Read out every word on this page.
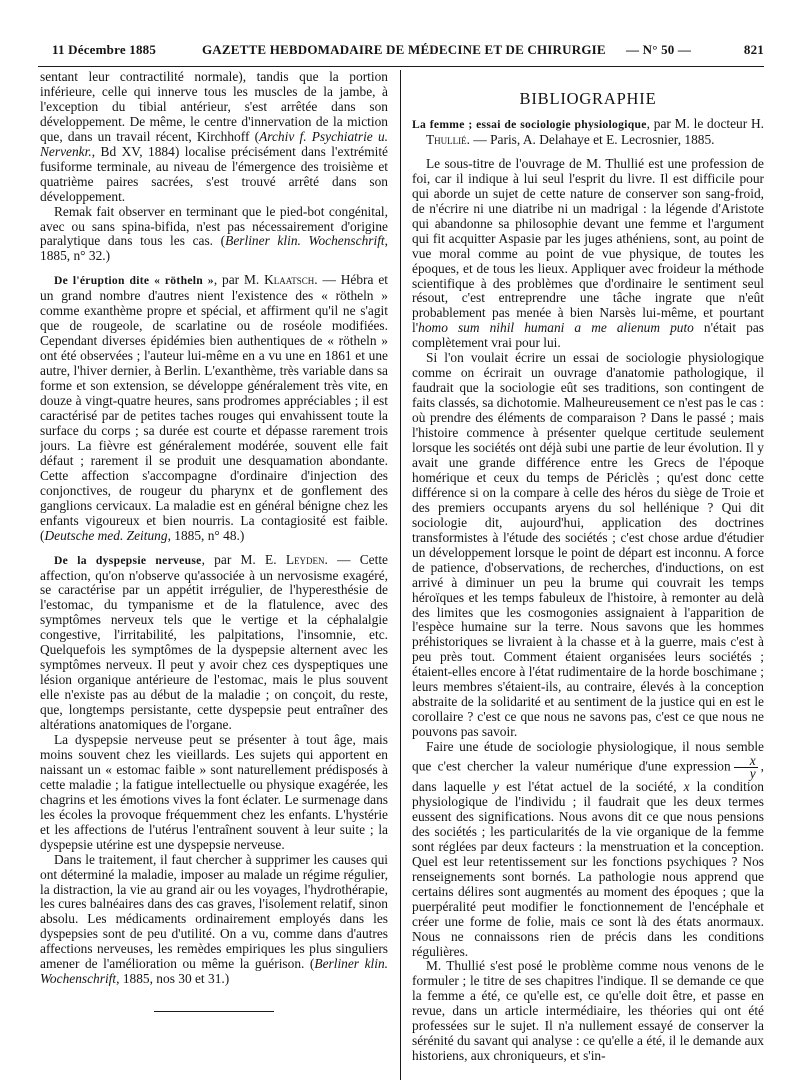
11 Décembre 1885	GAZETTE HEBDOMADAIRE DE MÉDECINE ET DE CHIRURGIE — N° 50 —	821

sentant leur contractilité normale), tandis que la portion inférieure, celle qui innerve tous les muscles de la jambe, à l'exception du tibial antérieur, s'est arrêtée dans son développement. De même, le centre d'innervation de la miction que, dans un travail récent, Kirchhoff (Archiv f. Psychiatrie u. Nervenkr., Bd XV, 1884) localise précisément dans l'extrémité fusiforme terminale, au niveau de l'émergence des troisième et quatrième paires sacrées, s'est trouvé arrêté dans son développement.

Remak fait observer en terminant que le pied-bot congénital, avec ou sans spina-bifida, n'est pas nécessairement d'origine paralytique dans tous les cas. (Berliner klin. Wochenschrift, 1885, n° 32.)

De l'éruption dite « rötheln », par M. Klaatsch. — Hébra et un grand nombre d'autres nient l'existence des « rötheln » comme exanthème propre et spécial, et affirment qu'il ne s'agit que de rougeole, de scarlatine ou de roséole modifiées. Cependant diverses épidémies bien authentiques de « rötheln » ont été observées ; l'auteur lui-même en a vu une en 1861 et une autre, l'hiver dernier, à Berlin. L'exanthème, très variable dans sa forme et son extension, se développe généralement très vite, en douze à vingt-quatre heures, sans prodromes appréciables ; il est caractérisé par de petites taches rouges qui envahissent toute la surface du corps ; sa durée est courte et dépasse rarement trois jours. La fièvre est généralement modérée, souvent elle fait défaut ; rarement il se produit une desquamation abondante. Cette affection s'accompagne d'ordinaire d'injection des conjonctives, de rougeur du pharynx et de gonflement des ganglions cervicaux. La maladie est en général bénigne chez les enfants vigoureux et bien nourris. La contagiosité est faible. (Deutsche med. Zeitung, 1885, n° 48.)

De la dyspepsie nerveuse, par M. E. Leyden. — Cette affection, qu'on n'observe qu'associée à un nervosisme exagéré, se caractérise par un appétit irrégulier, de l'hyperesthésie de l'estomac, du tympanisme et de la flatulence, avec des symptômes nerveux tels que le vertige et la céphalalgie congestive, l'irritabilité, les palpitations, l'insomnie, etc. Quelquefois les symptômes de la dyspepsie alternent avec les symptômes nerveux. Il peut y avoir chez ces dyspeptiques une lésion organique antérieure de l'estomac, mais le plus souvent elle n'existe pas au début de la maladie ; on conçoit, du reste, que, longtemps persistante, cette dyspepsie peut entraîner des altérations anatomiques de l'organe.

La dyspepsie nerveuse peut se présenter à tout âge, mais moins souvent chez les vieillards. Les sujets qui apportent en naissant un « estomac faible » sont naturellement prédisposés à cette maladie ; la fatigue intellectuelle ou physique exagérée, les chagrins et les émotions vives la font éclater. Le surmenage dans les écoles la provoque fréquemment chez les enfants. L'hystérie et les affections de l'utérus l'entraînent souvent à leur suite ; la dyspepsie utérine est une dyspepsie nerveuse.

Dans le traitement, il faut chercher à supprimer les causes qui ont déterminé la maladie, imposer au malade un régime régulier, la distraction, la vie au grand air ou les voyages, l'hydrothérapie, les cures balnéaires dans des cas graves, l'isolement relatif, sinon absolu. Les médicaments ordinairement employés dans les dyspepsies sont de peu d'utilité. On a vu, comme dans d'autres affections nerveuses, les remèdes empiriques les plus singuliers amener de l'amélioration ou même la guérison. (Berliner klin. Wochenschrift, 1885, nos 30 et 31.)

BIBLIOGRAPHIE

La femme ; essai de sociologie physiologique, par M. le docteur H. Thullié. — Paris, A. Delahaye et E. Lecrosnier, 1885.

Le sous-titre de l'ouvrage de M. Thullié est une profession de foi, car il indique à lui seul l'esprit du livre. Il est difficile pour qui aborde un sujet de cette nature de conserver son sang-froid, de n'écrire ni une diatribe ni un madrigal : la légende d'Aristote qui abandonne sa philosophie devant une femme et l'argument qui fit acquitter Aspasie par les juges athéniens, sont, au point de vue moral comme au point de vue physique, de toutes les époques, et de tous les lieux. Appliquer avec froideur la méthode scientifique à des problèmes que d'ordinaire le sentiment seul résout, c'est entreprendre une tâche ingrate que n'eût probablement pas menée à bien Narsès lui-même, et pourtant l'homo sum nihil humani a me alienum puto n'était pas complètement vrai pour lui.

Si l'on voulait écrire un essai de sociologie physiologique comme on écrirait un ouvrage d'anatomie pathologique, il faudrait que la sociologie eût ses traditions, son contingent de faits classés, sa dichotomie. Malheureusement ce n'est pas le cas : où prendre des éléments de comparaison ? Dans le passé ; mais l'histoire commence à présenter quelque certitude seulement lorsque les sociétés ont déjà subi une partie de leur évolution. Il y avait une grande différence entre les Grecs de l'époque homérique et ceux du temps de Périclès ; qu'est donc cette différence si on la compare à celle des héros du siège de Troie et des premiers occupants aryens du sol hellénique ? Qui dit sociologie dit, aujourd'hui, application des doctrines transformistes à l'étude des sociétés ; c'est chose ardue d'étudier un développement lorsque le point de départ est inconnu. A force de patience, d'observations, de recherches, d'inductions, on est arrivé à diminuer un peu la brume qui couvrait les temps héroïques et les temps fabuleux de l'histoire, à remonter au delà des limites que les cosmogonies assignaient à l'apparition de l'espèce humaine sur la terre. Nous savons que les hommes préhistoriques se livraient à la chasse et à la guerre, mais c'est à peu près tout. Comment étaient organisées leurs sociétés ; étaient-elles encore à l'état rudimentaire de la horde boschimane ; leurs membres s'étaient-ils, au contraire, élevés à la conception abstraite de la solidarité et au sentiment de la justice qui en est le corollaire ? c'est ce que nous ne savons pas, c'est ce que nous ne pouvons pas savoir.

Faire une étude de sociologie physiologique, il nous semble que c'est chercher la valeur numérique d'une expression $\frac{x}{y}$ , dans laquelle y est l'état actuel de la société, x la condition physiologique de l'individu ; il faudrait que les deux termes eussent des significations. Nous avons dit ce que nous pensions des sociétés ; les particularités de la vie organique de la femme sont réglées par deux facteurs : la menstruation et la conception. Quel est leur retentissement sur les fonctions psychiques ? Nos renseignements sont bornés. La pathologie nous apprend que certains délires sont augmentés au moment des époques ; que la puerpéralité peut modifier le fonctionnement de l'encéphale et créer une forme de folie, mais ce sont là des états anormaux. Nous ne connaissons rien de précis dans les conditions régulières.

M. Thullié s'est posé le problème comme nous venons de le formuler ; le titre de ses chapitres l'indique. Il se demande ce que la femme a été, ce qu'elle est, ce qu'elle doit être, et passe en revue, dans un article intermédiaire, les théories qui ont été professées sur le sujet. Il n'a nullement essayé de conserver la sérénité du savant qui analyse : ce qu'elle a été, il le demande aux historiens, aux chroniqueurs, et s'in-
